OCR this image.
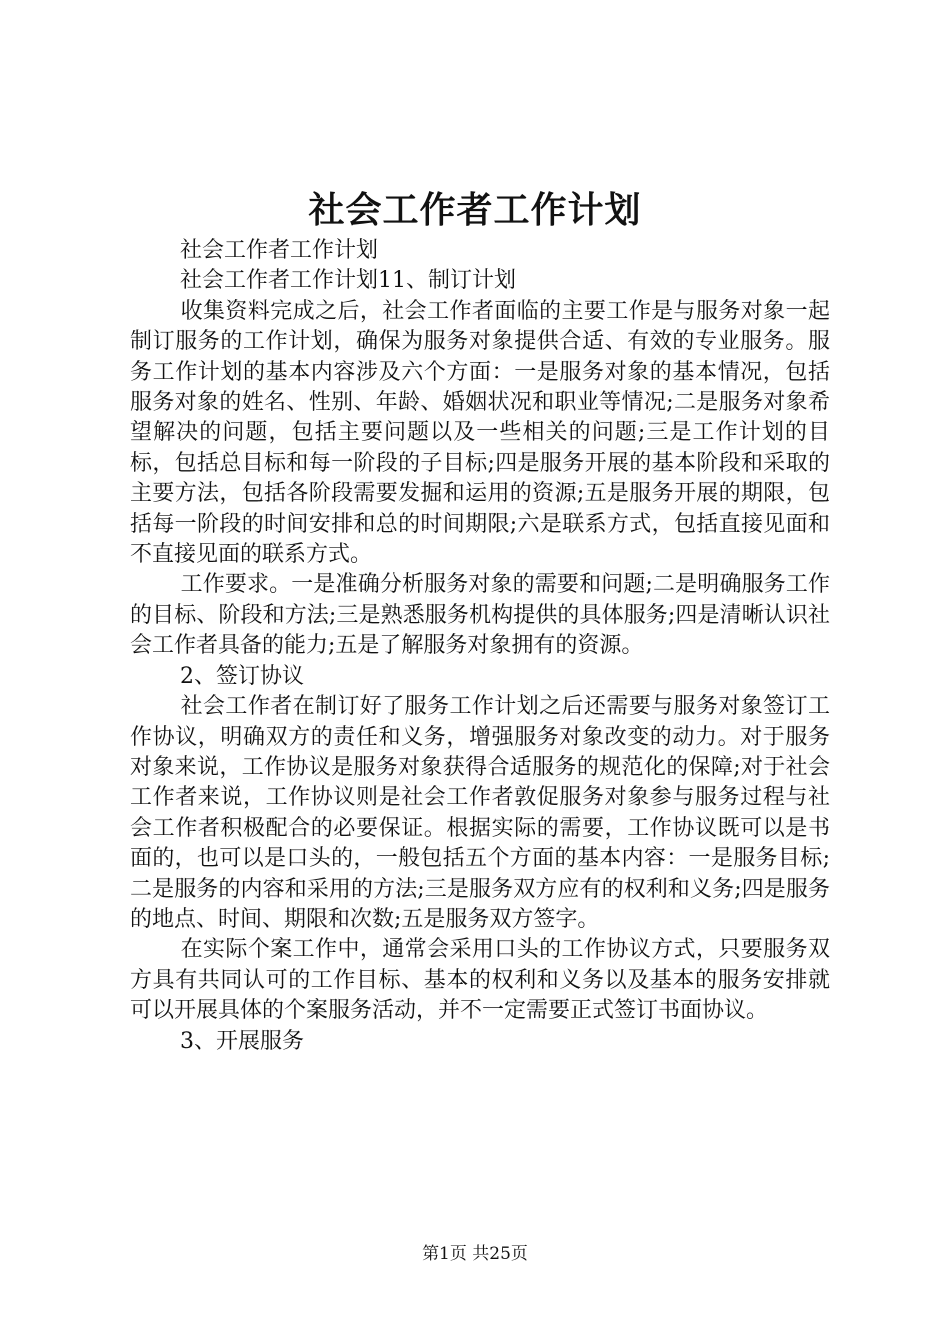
社会工作者工作计划

社会工作者工作计划

社会工作者工作计划11、制订计划

收集资料完成之后，社会工作者面临的主要工作是与服务对象一起制订服务的工作计划，确保为服务对象提供合适、有效的专业服务。服务工作计划的基本内容涉及六个方面：一是服务对象的基本情况，包括服务对象的姓名、性别、年龄、婚姻状况和职业等情况;二是服务对象希望解决的问题，包括主要问题以及一些相关的问题;三是工作计划的目标，包括总目标和每一阶段的子目标;四是服务开展的基本阶段和采取的主要方法，包括各阶段需要发掘和运用的资源;五是服务开展的期限，包括每一阶段的时间安排和总的时间期限;六是联系方式，包括直接见面和不直接见面的联系方式。

工作要求。一是准确分析服务对象的需要和问题;二是明确服务工作的目标、阶段和方法;三是熟悉服务机构提供的具体服务;四是清晰认识社会工作者具备的能力;五是了解服务对象拥有的资源。

2、签订协议

社会工作者在制订好了服务工作计划之后还需要与服务对象签订工作协议，明确双方的责任和义务，增强服务对象改变的动力。对于服务对象来说，工作协议是服务对象获得合适服务的规范化的保障;对于社会工作者来说，工作协议则是社会工作者敦促服务对象参与服务过程与社会工作者积极配合的必要保证。根据实际的需要，工作协议既可以是书面的，也可以是口头的，一般包括五个方面的基本内容：一是服务目标;二是服务的内容和采用的方法;三是服务双方应有的权利和义务;四是服务的地点、时间、期限和次数;五是服务双方签字。

在实际个案工作中，通常会采用口头的工作协议方式，只要服务双方具有共同认可的工作目标、基本的权利和义务以及基本的服务安排就可以开展具体的个案服务活动，并不一定需要正式签订书面协议。

3、开展服务

第1页 共25页
